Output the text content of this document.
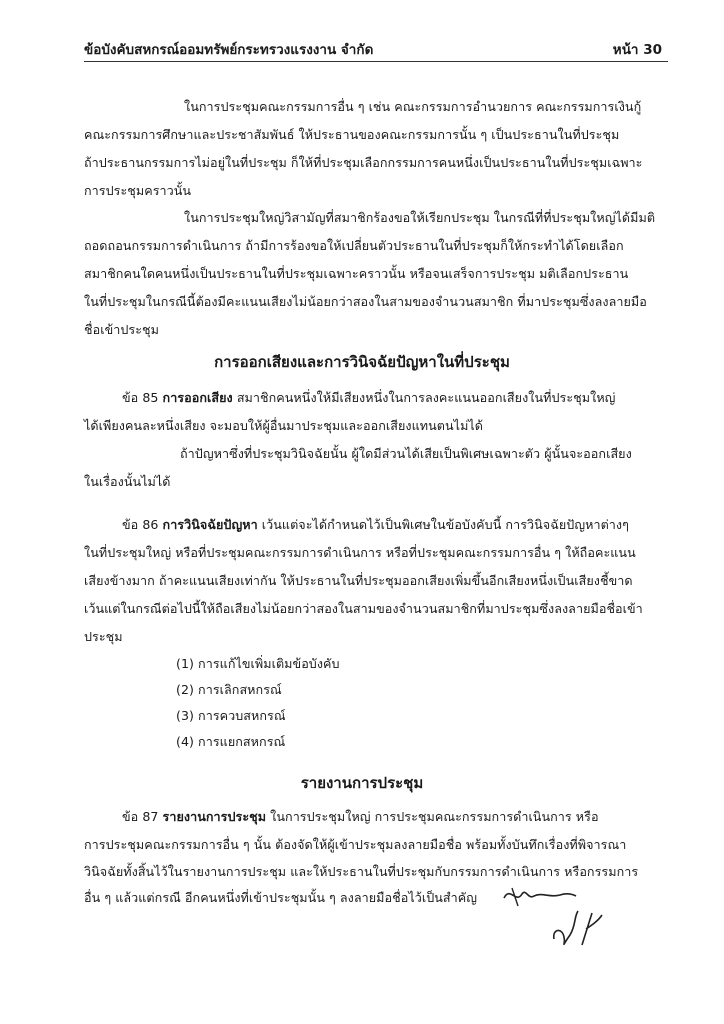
ข้อบังคับสหกรณ์ออมทรัพย์กระทรวงแรงงาน จำกัด	หน้า 30
ในการประชุมคณะกรรมการอื่น ๆ เช่น คณะกรรมการอำนวยการ คณะกรรมการเงินกู้
คณะกรรมการศึกษาและประชาสัมพันธ์ ให้ประธานของคณะกรรมการนั้น ๆ เป็นประธานในที่ประชุม
ถ้าประธานกรรมการไม่อยู่ในที่ประชุม ก็ให้ที่ประชุมเลือกกรรมการคนหนึ่งเป็นประธานในที่ประชุมเฉพาะ
การประชุมคราวนั้น
ในการประชุมใหญ่วิสามัญที่สมาชิกร้องขอให้เรียกประชุม ในกรณีที่ที่ประชุมใหญ่ได้มีมติ
ถอดถอนกรรมการดำเนินการ ถ้ามีการร้องขอให้เปลี่ยนตัวประธานในที่ประชุมก็ให้กระทำได้โดยเลือก
สมาชิกคนใดคนหนึ่งเป็นประธานในที่ประชุมเฉพาะคราวนั้น หรือจนเสร็จการประชุม มติเลือกประธาน
ในที่ประชุมในกรณีนี้ต้องมีคะแนนเสียงไม่น้อยกว่าสองในสามของจำนวนสมาชิก ที่มาประชุมซึ่งลงลายมือ
ชื่อเข้าประชุม
การออกเสียงและการวินิจฉัยปัญหาในที่ประชุม
ข้อ 85 การออกเสียง สมาชิกคนหนึ่งให้มีเสียงหนึ่งในการลงคะแนนออกเสียงในที่ประชุมใหญ่
ได้เพียงคนละหนึ่งเสียง จะมอบให้ผู้อื่นมาประชุมและออกเสียงแทนตนไม่ได้
ถ้าปัญหาซึ่งที่ประชุมวินิจฉัยนั้น ผู้ใดมีส่วนได้เสียเป็นพิเศษเฉพาะตัว ผู้นั้นจะออกเสียง
ในเรื่องนั้นไม่ได้
ข้อ 86 การวินิจฉัยปัญหา เว้นแต่จะได้กำหนดไว้เป็นพิเศษในข้อบังคับนี้ การวินิจฉัยปัญหาต่างๆ
ในที่ประชุมใหญ่ หรือที่ประชุมคณะกรรมการดำเนินการ หรือที่ประชุมคณะกรรมการอื่น ๆ ให้ถือคะแนน
เสียงข้างมาก ถ้าคะแนนเสียงเท่ากัน ให้ประธานในที่ประชุมออกเสียงเพิ่มขึ้นอีกเสียงหนึ่งเป็นเสียงชี้ขาด
เว้นแต่ในกรณีต่อไปนี้ให้ถือเสียงไม่น้อยกว่าสองในสามของจำนวนสมาชิกที่มาประชุมซึ่งลงลายมือชื่อเข้า
ประชุม
(1) การแก้ไขเพิ่มเติมข้อบังคับ
(2) การเลิกสหกรณ์
(3) การควบสหกรณ์
(4) การแยกสหกรณ์
รายงานการประชุม
ข้อ 87 รายงานการประชุม ในการประชุมใหญ่ การประชุมคณะกรรมการดำเนินการ หรือ
การประชุมคณะกรรมการอื่น ๆ นั้น ต้องจัดให้ผู้เข้าประชุมลงลายมือชื่อ พร้อมทั้งบันทึกเรื่องที่พิจารณา
วินิจฉัยทั้งสิ้นไว้ในรายงานการประชุม และให้ประธานในที่ประชุมกับกรรมการดำเนินการ หรือกรรมการ
อื่น ๆ แล้วแต่กรณี อีกคนหนึ่งที่เข้าประชุมนั้น ๆ ลงลายมือชื่อไว้เป็นสำคัญ
